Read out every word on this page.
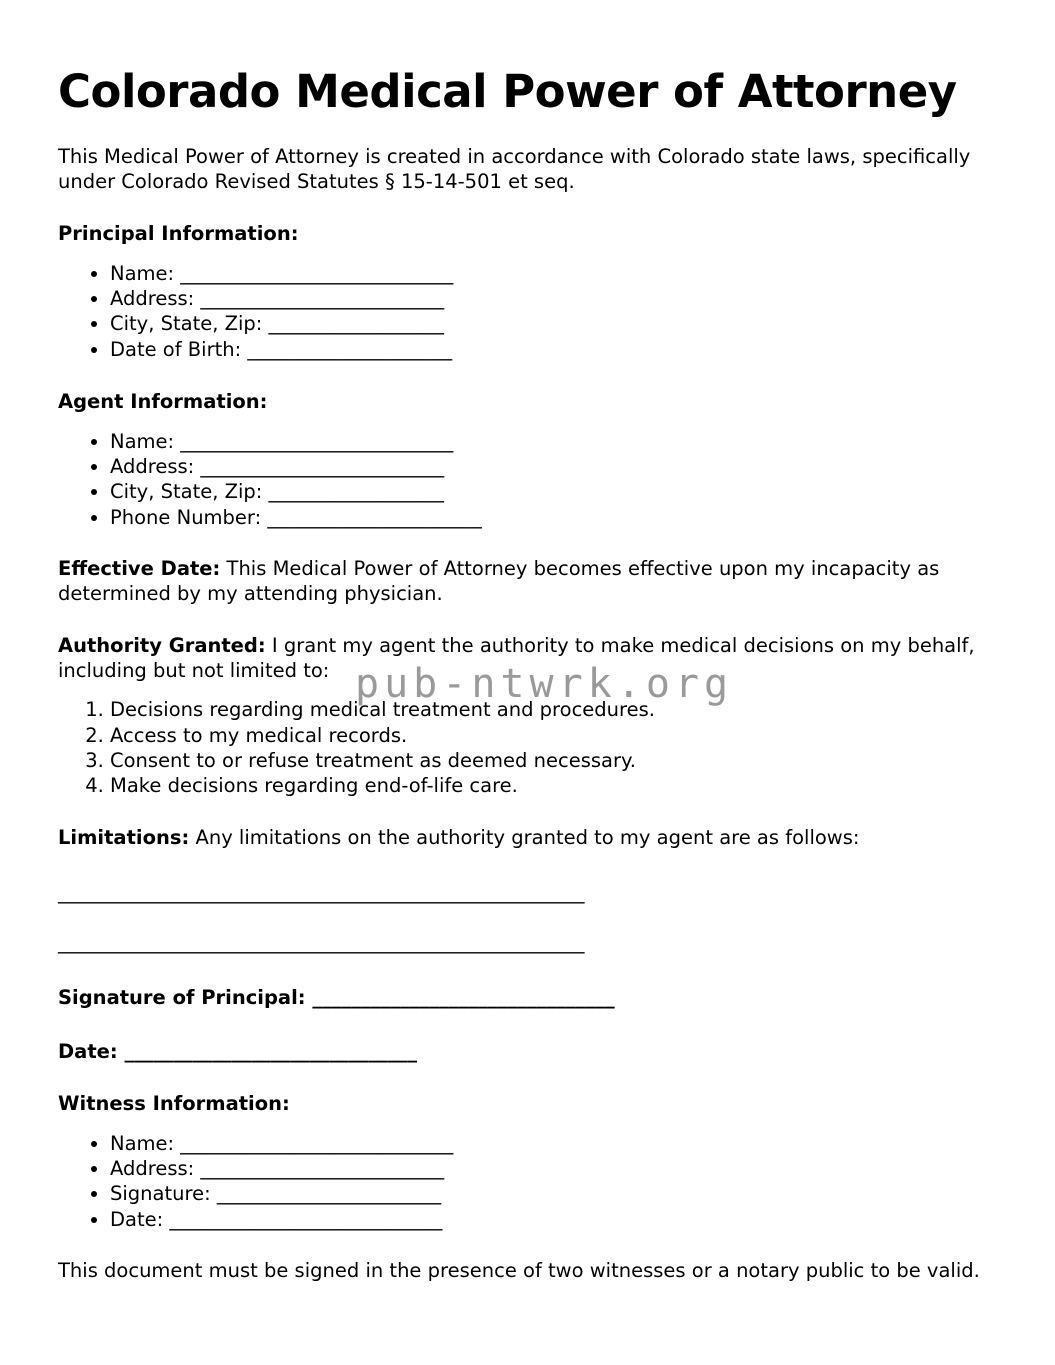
Colorado Medical Power of Attorney

This Medical Power of Attorney is created in accordance with Colorado state laws, specifically under Colorado Revised Statutes § 15-14-501 et seq.

Principal Information:
• Name: ____________________________
• Address: _________________________
• City, State, Zip: __________________
• Date of Birth: _____________________
Agent Information:
• Name: ____________________________
• Address: _________________________
• City, State, Zip: __________________
• Phone Number: ______________________

Effective Date: This Medical Power of Attorney becomes effective upon my incapacity as determined by my attending physician.

Authority Granted: I grant my agent the authority to make medical decisions on my behalf, including but not limited to:

1. Decisions regarding medical treatment and procedures.
2. Access to my medical records.
3. Consent to or refuse treatment as deemed necessary.
4. Make decisions regarding end-of-life care.

Limitations: Any limitations on the authority granted to my agent are as follows:

______________________________________________________
______________________________________________________
Signature of Principal: _______________________________
Date: ______________________________
Witness Information:
• Name: ____________________________
• Address: _________________________
• Signature: _______________________
• Date: ____________________________

This document must be signed in the presence of two witnesses or a notary public to be valid.

pub-ntwrk.org
